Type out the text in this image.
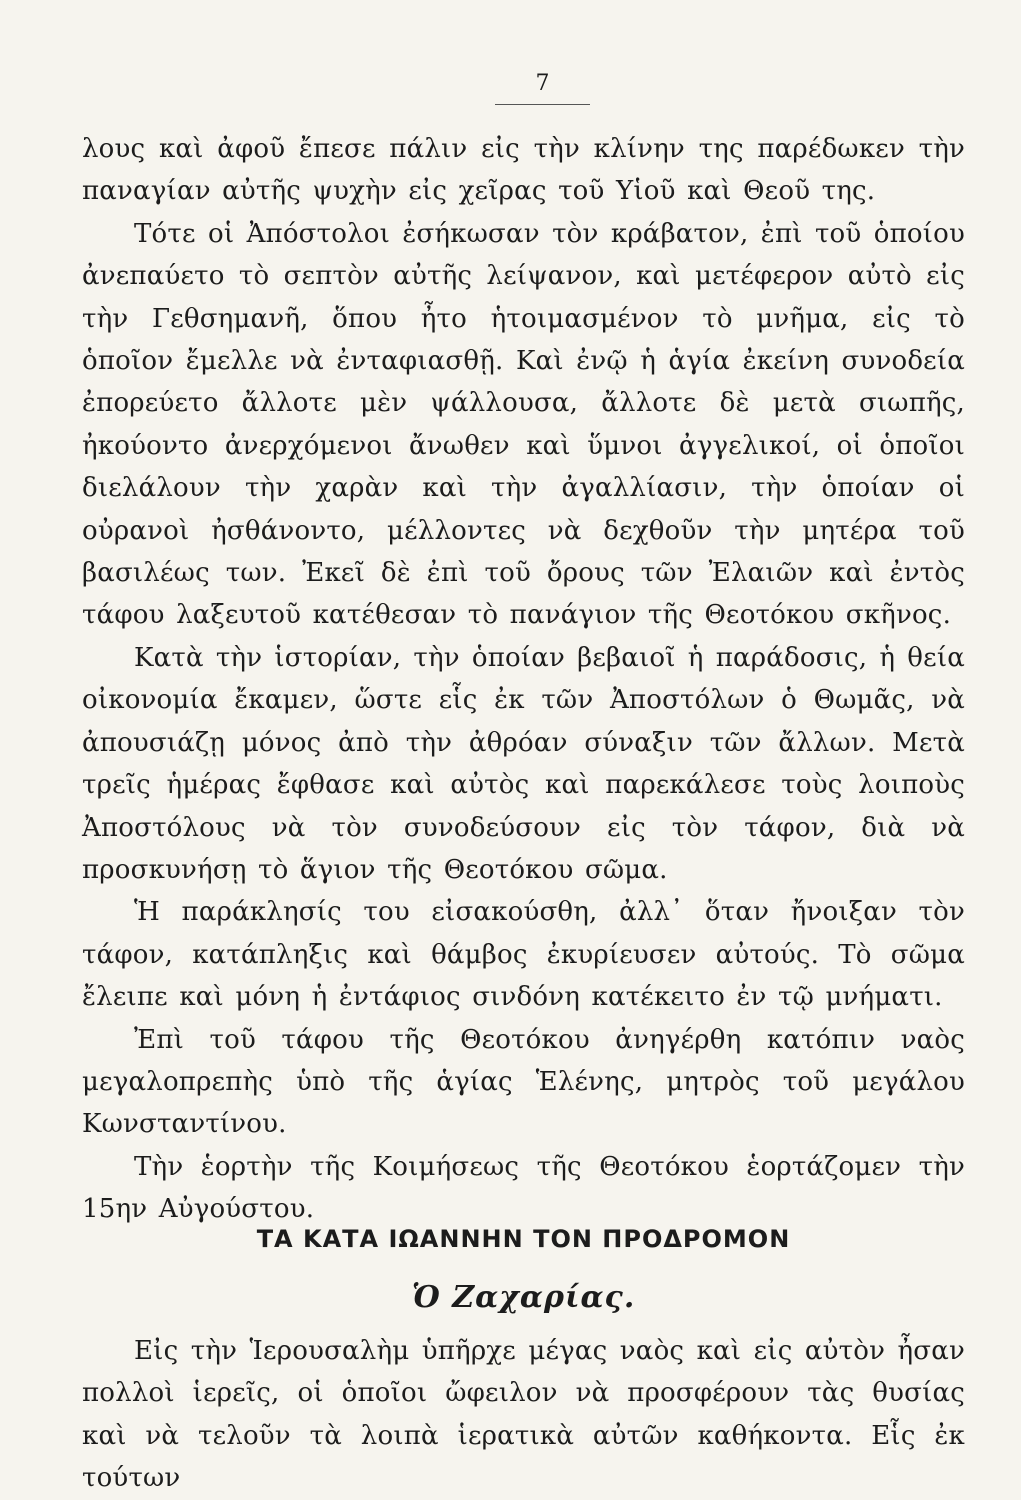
7

λους καὶ ἀφοῦ ἔπεσε πάλιν εἰς τὴν κλίνην της παρέδωκεν τὴν παναγίαν αὐτῆς ψυχὴν εἰς χεῖρας τοῦ Υἱοῦ καὶ Θεοῦ της.

Τότε οἱ Ἀπόστολοι ἐσήκωσαν τὸν κράβατον, ἐπὶ τοῦ ὁποίου ἀνεπαύετο τὸ σεπτὸν αὐτῆς λείψανον, καὶ μετέφερον αὐτὸ εἰς τὴν Γεθσημανῆ, ὅπου ἦτο ἡτοιμασμένον τὸ μνῆμα, εἰς τὸ ὁποῖον ἔμελλε νὰ ἐνταφιασθῇ. Καὶ ἐνῷ ἡ ἁγία ἐκείνη συνοδεία ἐπορεύετο ἄλλοτε μὲν ψάλλουσα, ἄλλοτε δὲ μετὰ σιωπῆς, ἠκούοντο ἀνερχόμενοι ἄνωθεν καὶ ὕμνοι ἀγγελικοί, οἱ ὁποῖοι διελάλουν τὴν χαρὰν καὶ τὴν ἀγαλλίασιν, τὴν ὁποίαν οἱ οὐρανοὶ ἠσθάνοντο, μέλλοντες νὰ δεχθοῦν τὴν μητέρα τοῦ βασιλέως των. Ἐκεῖ δὲ ἐπὶ τοῦ ὄρους τῶν Ἐλαιῶν καὶ ἐντὸς τάφου λαξευτοῦ κατέθεσαν τὸ πανάγιον τῆς Θεοτόκου σκῆνος.

Κατὰ τὴν ἱστορίαν, τὴν ὁποίαν βεβαιοῖ ἡ παράδοσις, ἡ θεία οἰκονομία ἔκαμεν, ὥστε εἷς ἐκ τῶν Ἀποστόλων ὁ Θωμᾶς, νὰ ἀπουσιάζῃ μόνος ἀπὸ τὴν ἀθρόαν σύναξιν τῶν ἄλλων. Μετὰ τρεῖς ἡμέρας ἔφθασε καὶ αὐτὸς καὶ παρεκάλεσε τοὺς λοιποὺς Ἀποστόλους νὰ τὸν συνοδεύσουν εἰς τὸν τάφον, διὰ νὰ προσκυνήσῃ τὸ ἅγιον τῆς Θεοτόκου σῶμα.

Ἡ παράκλησίς του εἰσακούσθη, ἀλλ᾽ ὅταν ἤνοιξαν τὸν τάφον, κατάπληξις καὶ θάμβος ἐκυρίευσεν αὐτούς. Τὸ σῶμα ἔλειπε καὶ μόνη ἡ ἐντάφιος σινδόνη κατέκειτο ἐν τῷ μνήματι.

Ἐπὶ τοῦ τάφου τῆς Θεοτόκου ἀνηγέρθη κατόπιν ναὸς μεγαλοπρεπὴς ὑπὸ τῆς ἁγίας Ἑλένης, μητρὸς τοῦ μεγάλου Κωνσταντίνου.

Τὴν ἑορτὴν τῆς Κοιμήσεως τῆς Θεοτόκου ἑορτάζομεν τὴν 15ην Αὐγούστου.

ΤΑ ΚΑΤΑ ΙΩΑΝΝΗΝ ΤΟΝ ΠΡΟΔΡΟΜΟΝ
Ὁ Ζαχαρίας.

Εἰς τὴν Ἱερουσαλὴμ ὑπῆρχε μέγας ναὸς καὶ εἰς αὐτὸν ἦσαν πολλοὶ ἱερεῖς, οἱ ὁποῖοι ὤφειλον νὰ προσφέρουν τὰς θυσίας καὶ νὰ τελοῦν τὰ λοιπὰ ἱερατικὰ αὐτῶν καθήκοντα. Εἷς ἐκ τούτων
